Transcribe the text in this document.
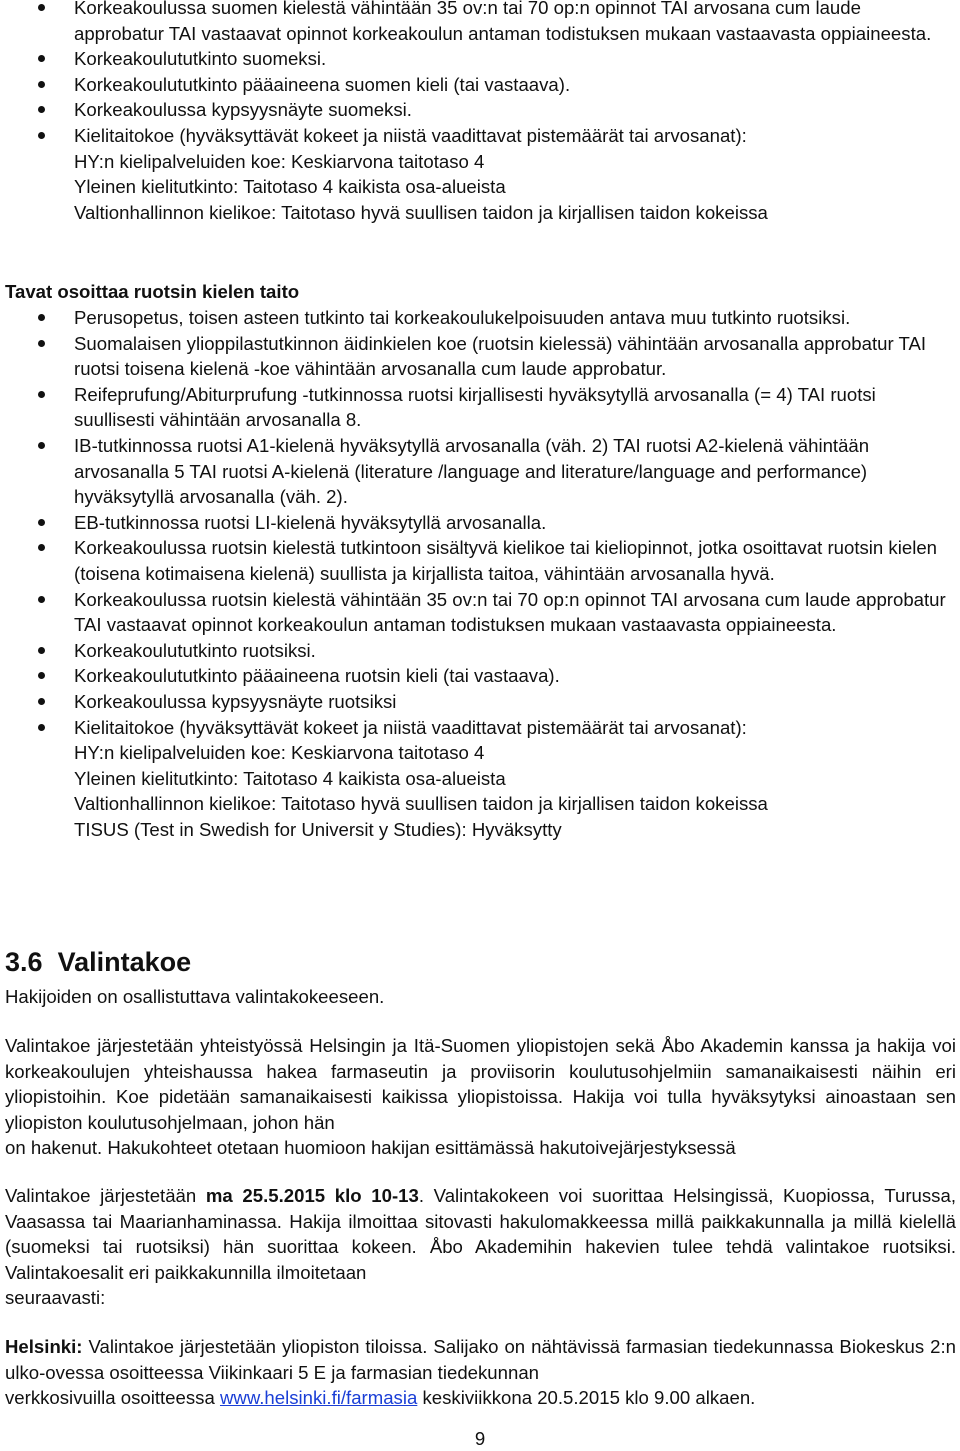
Korkeakoulussa suomen kielestä vähintään 35 ov:n tai 70 op:n opinnot TAI arvosana cum laude approbatur TAI vastaavat opinnot korkeakoulun antaman todistuksen mukaan vastaavasta oppiaineesta.
Korkeakoulututkinto suomeksi.
Korkeakoulututkinto pääaineena suomen kieli (tai vastaava).
Korkeakoulussa kypsyysnäyte suomeksi.
Kielitaitokoe (hyväksyttävät kokeet ja niistä vaadittavat pistemäärät tai arvosanat):
HY:n kielipalveluiden koe: Keskiarvona taitotaso 4
Yleinen kielitutkinto: Taitotaso 4 kaikista osa-alueista
Valtionhallinnon kielikoe: Taitotaso hyvä suullisen taidon ja kirjallisen taidon kokeissa
Tavat osoittaa ruotsin kielen taito
Perusopetus, toisen asteen tutkinto tai korkeakoulukelpoisuuden antava muu tutkinto ruotsiksi.
Suomalaisen ylioppilastutkinnon äidinkielen koe (ruotsin kielessä) vähintään arvosanalla approbatur TAI ruotsi toisena kielenä -koe vähintään arvosanalla cum laude approbatur.
Reifeprufung/Abiturprufung -tutkinnossa ruotsi kirjallisesti hyväksytyllä arvosanalla (= 4) TAI ruotsi suullisesti vähintään arvosanalla 8.
IB-tutkinnossa ruotsi A1-kielenä hyväksytyllä arvosanalla (väh. 2) TAI ruotsi A2-kielenä vähintään arvosanalla 5 TAI ruotsi A-kielenä (literature /language and literature/language and performance) hyväksytyllä arvosanalla (väh. 2).
EB-tutkinnossa ruotsi LI-kielenä hyväksytyllä arvosanalla.
Korkeakoulussa ruotsin kielestä tutkintoon sisältyvä kielikoe tai kieliopinnot, jotka osoittavat ruotsin kielen (toisena kotimaisena kielenä) suullista ja kirjallista taitoa, vähintään arvosanalla hyvä.
Korkeakoulussa ruotsin kielestä vähintään 35 ov:n tai 70 op:n opinnot TAI arvosana cum laude approbatur TAI vastaavat opinnot korkeakoulun antaman todistuksen mukaan vastaavasta oppiaineesta.
Korkeakoulututkinto ruotsiksi.
Korkeakoulututkinto pääaineena ruotsin kieli (tai vastaava).
Korkeakoulussa kypsyysnäyte ruotsiksi
Kielitaitokoe (hyväksyttävät kokeet ja niistä vaadittavat pistemäärät tai arvosanat):
HY:n kielipalveluiden koe: Keskiarvona taitotaso 4
Yleinen kielitutkinto: Taitotaso 4 kaikista osa-alueista
Valtionhallinnon kielikoe: Taitotaso hyvä suullisen taidon ja kirjallisen taidon kokeissa
TISUS (Test in Swedish for Universit y Studies): Hyväksytty
3.6 Valintakoe
Hakijoiden on osallistuttava valintakokeeseen.
Valintakoe järjestetään yhteistyössä Helsingin ja Itä-Suomen yliopistojen sekä Åbo Akademin kanssa ja hakija voi korkeakoulujen yhteishaussa hakea farmaseutin ja proviisorin koulutusohjelmiin samanaikaisesti näihin eri yliopistoihin. Koe pidetään samanaikaisesti kaikissa yliopistoissa. Hakija voi tulla hyväksytyksi ainoastaan sen yliopiston koulutusohjelmaan, johon hän
on hakenut. Hakukohteet otetaan huomioon hakijan esittämässä hakutoivejärjestyksessä
Valintakoe järjestetään ma 25.5.2015 klo 10-13. Valintakokeen voi suorittaa Helsingissä, Kuopiossa, Turussa, Vaasassa tai Maarianhaminassa. Hakija ilmoittaa sitovasti hakulomakkeessa millä paikkakunnalla ja millä kielellä (suomeksi tai ruotsiksi) hän suorittaa kokeen. Åbo Akademihin hakevien tulee tehdä valintakoe ruotsiksi. Valintakoesalit eri paikkakunnilla ilmoitetaan
seuraavasti:
Helsinki: Valintakoe järjestetään yliopiston tiloissa. Salijako on nähtävissä farmasian tiedekunnassa Biokeskus 2:n ulko-ovessa osoitteessa Viikinkaari 5 E ja farmasian tiedekunnan
verkkosivuilla osoitteessa www.helsinki.fi/farmasia keskiviikkona 20.5.2015 klo 9.00 alkaen.
9
